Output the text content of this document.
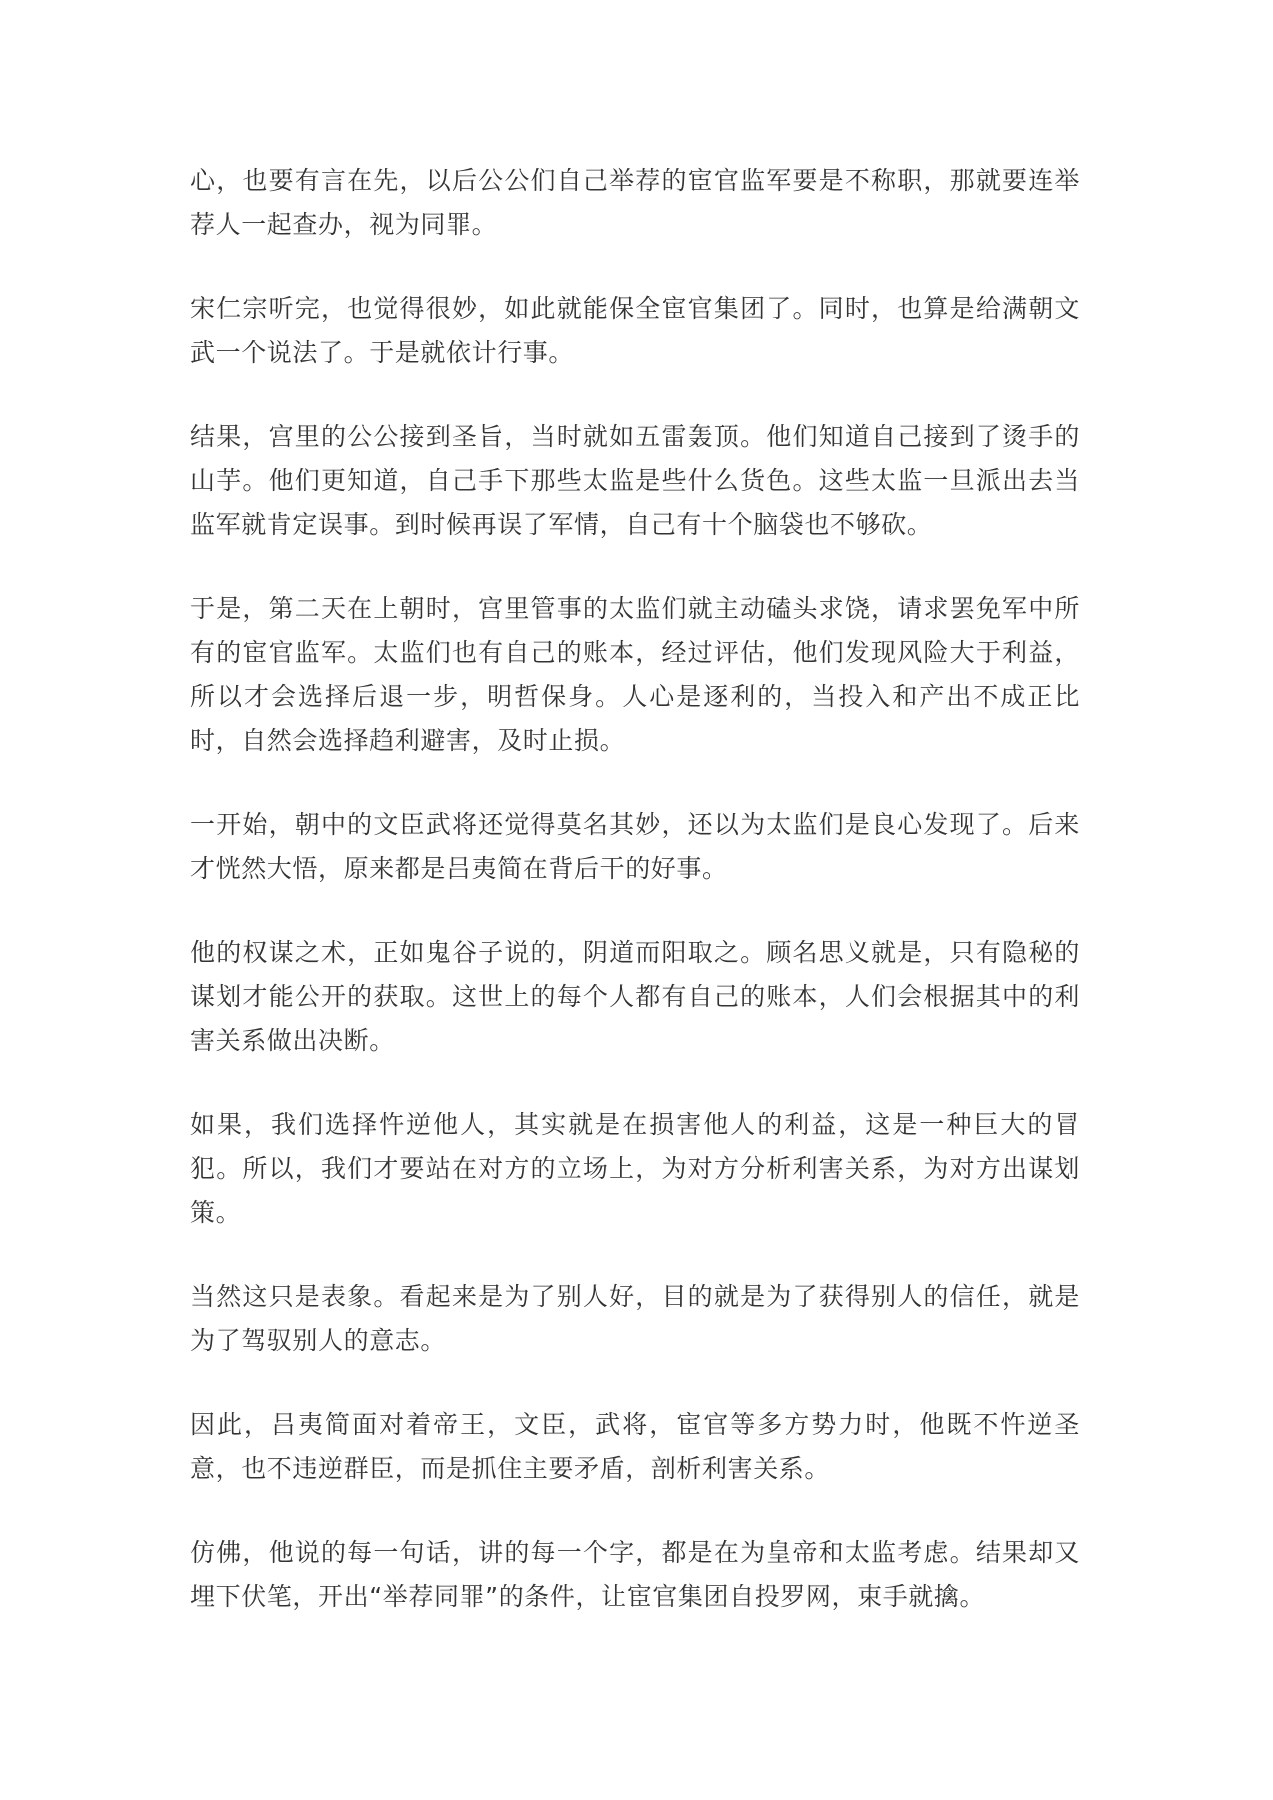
心，也要有言在先，以后公公们自己举荐的宦官监军要是不称职，那就要连举荐人一起查办，视为同罪。

宋仁宗听完，也觉得很妙，如此就能保全宦官集团了。同时，也算是给满朝文武一个说法了。于是就依计行事。

结果，宫里的公公接到圣旨，当时就如五雷轰顶。他们知道自己接到了烫手的山芋。他们更知道，自己手下那些太监是些什么货色。这些太监一旦派出去当监军就肯定误事。到时候再误了军情，自己有十个脑袋也不够砍。

于是，第二天在上朝时，宫里管事的太监们就主动磕头求饶，请求罢免军中所有的宦官监军。太监们也有自己的账本，经过评估，他们发现风险大于利益，所以才会选择后退一步，明哲保身。人心是逐利的，当投入和产出不成正比时，自然会选择趋利避害，及时止损。

一开始，朝中的文臣武将还觉得莫名其妙，还以为太监们是良心发现了。后来才恍然大悟，原来都是吕夷简在背后干的好事。

他的权谋之术，正如鬼谷子说的，阴道而阳取之。顾名思义就是，只有隐秘的谋划才能公开的获取。这世上的每个人都有自己的账本，人们会根据其中的利害关系做出决断。

如果，我们选择忤逆他人，其实就是在损害他人的利益，这是一种巨大的冒犯。所以，我们才要站在对方的立场上，为对方分析利害关系，为对方出谋划策。

当然这只是表象。看起来是为了别人好，目的就是为了获得别人的信任，就是为了驾驭别人的意志。

因此，吕夷简面对着帝王，文臣，武将，宦官等多方势力时，他既不忤逆圣意，也不违逆群臣，而是抓住主要矛盾，剖析利害关系。

仿佛，他说的每一句话，讲的每一个字，都是在为皇帝和太监考虑。结果却又埋下伏笔，开出“举荐同罪”的条件，让宦官集团自投罗网，束手就擒。
